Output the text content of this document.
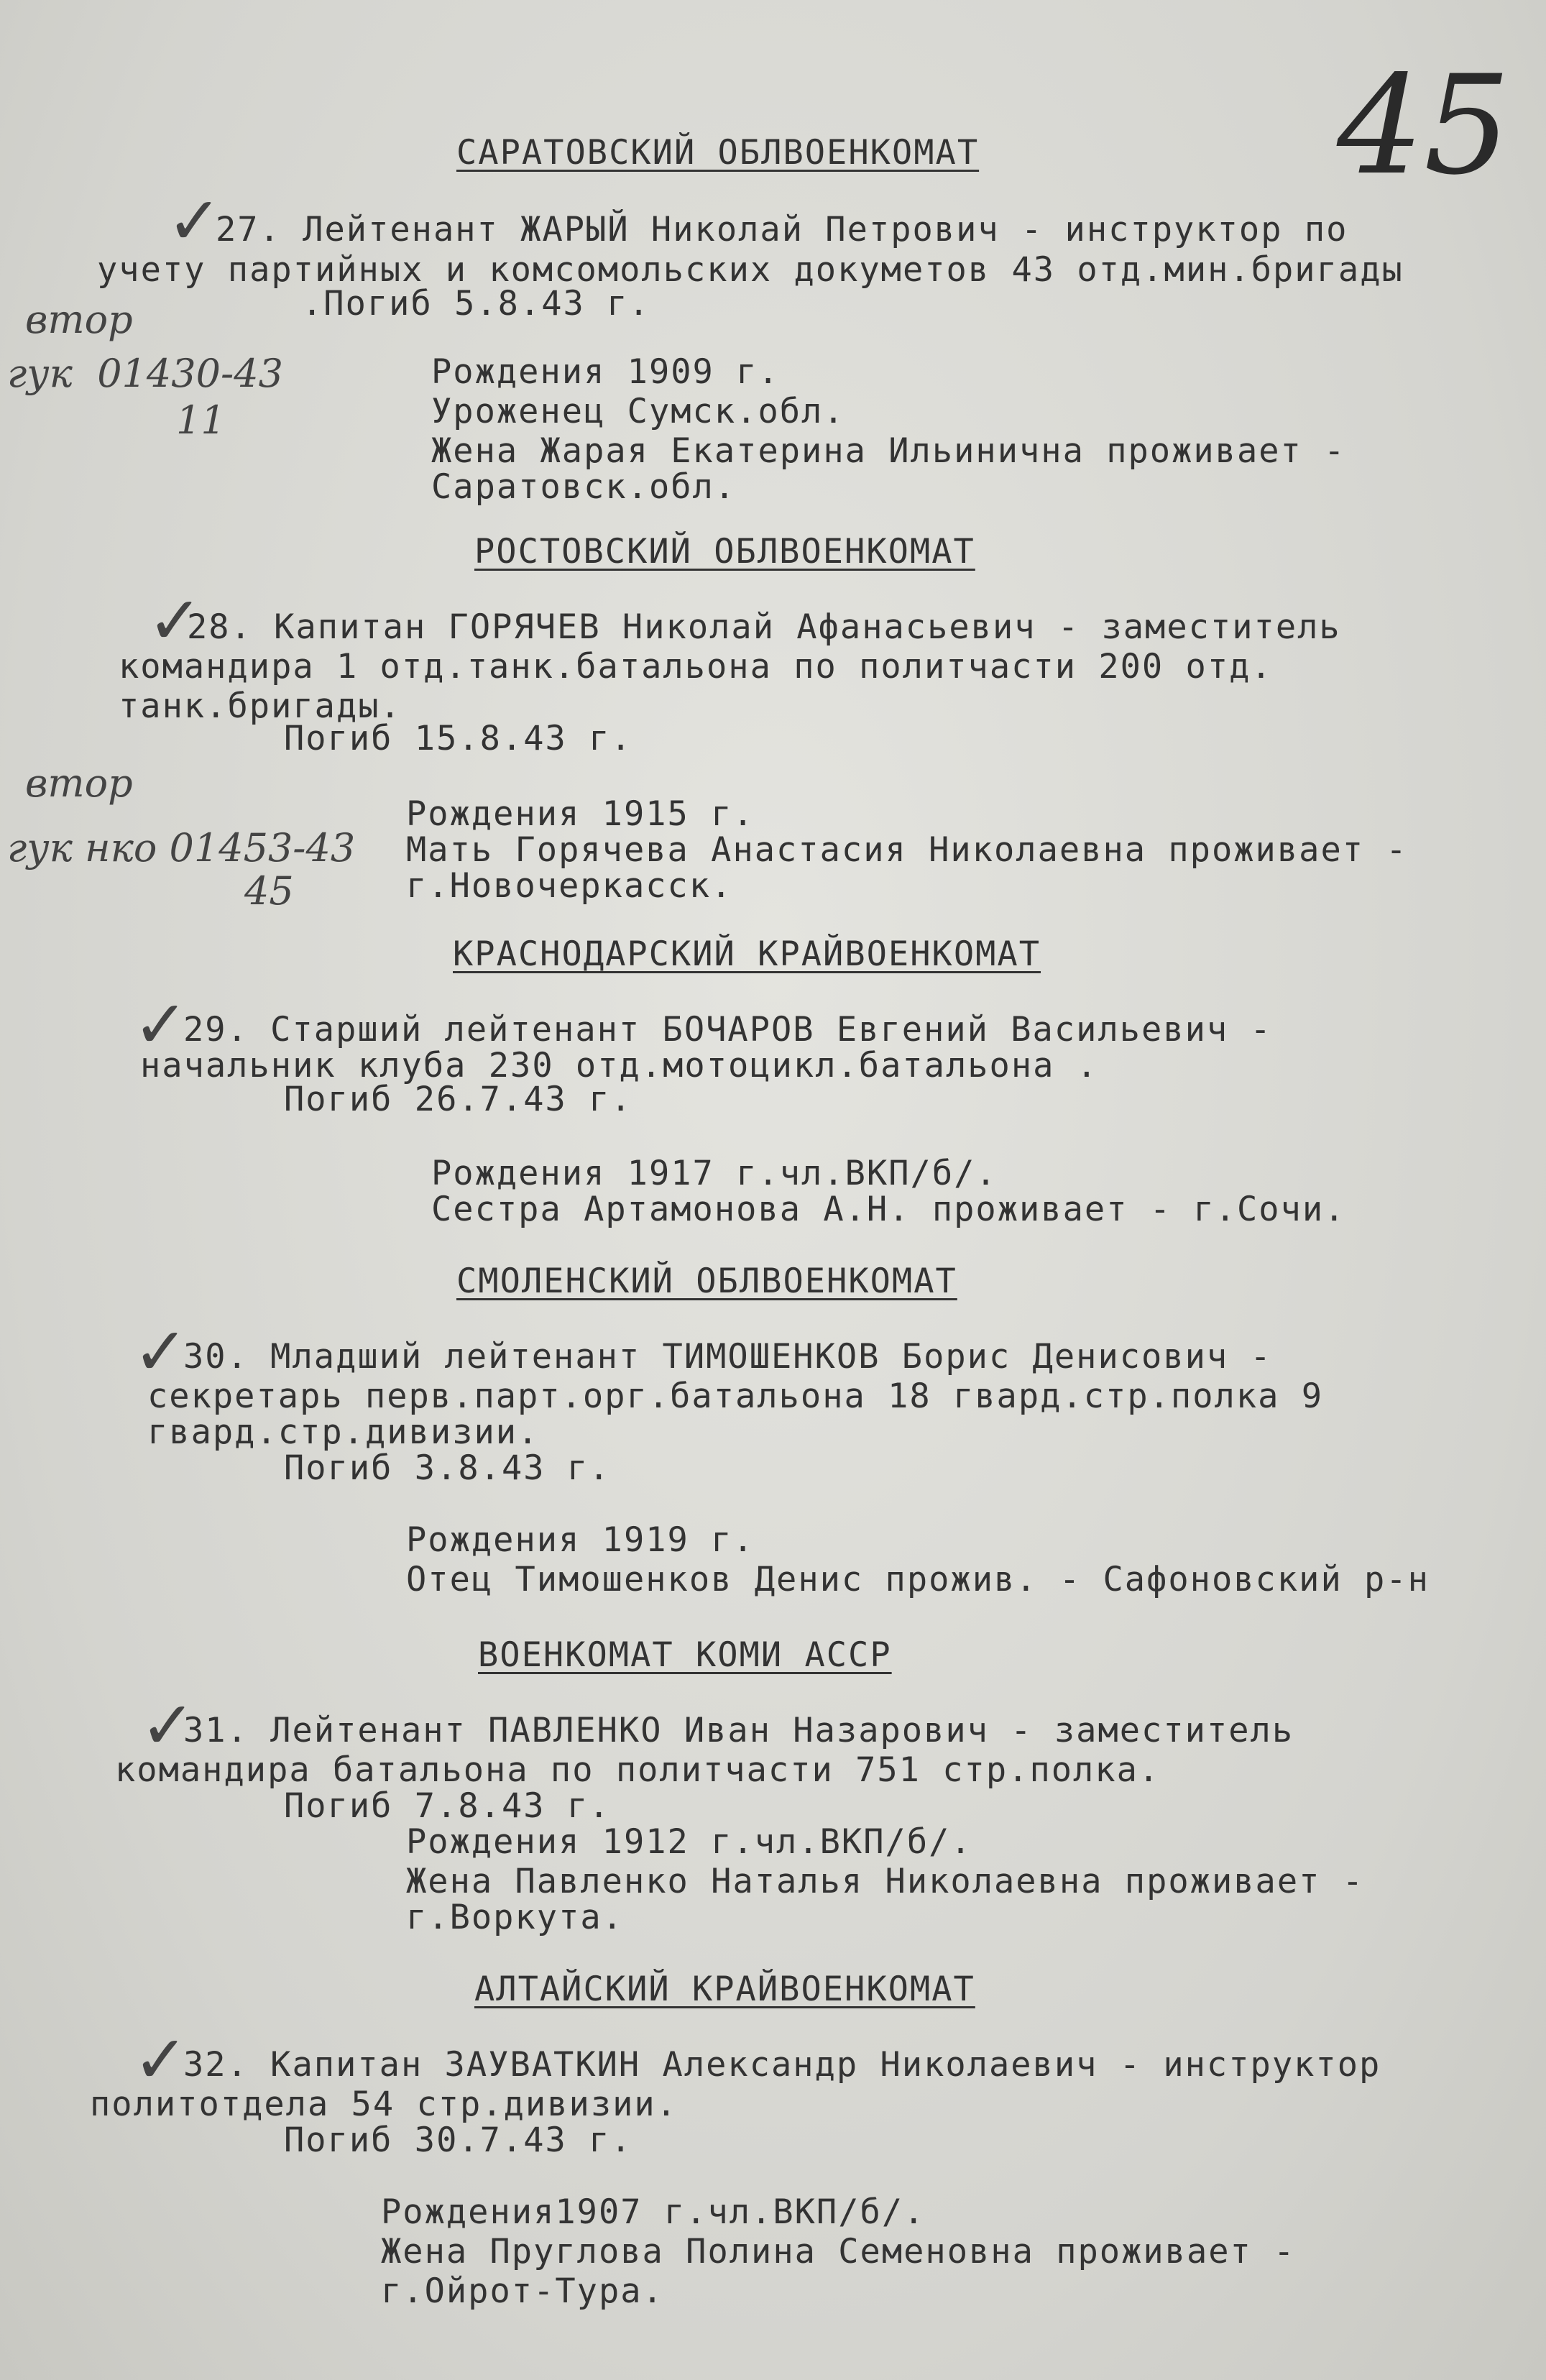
45
САРАТОВСКИЙ ОБЛВОЕНКОМАТ
✓
27. Лейтенант ЖАРЫЙ Николай Петрович - инструктор по
учету партийных и комсомольских докуметов 43 отд.мин.бригады
.Погиб 5.8.43 г.
втор
гук  01430-43
11
Рождения 1909 г.
Уроженец Сумск.обл.
Жена Жарая Екатерина Ильинична проживает -
Саратовск.обл.
РОСТОВСКИЙ ОБЛВОЕНКОМАТ
✓
28. Капитан ГОРЯЧЕВ Николай Афанасьевич - заместитель
командира 1 отд.танк.батальона по политчасти 200 отд.
танк.бригады.
Погиб 15.8.43 г.
втор
гук нко 01453-43
45
Рождения 1915 г.
Мать Горячева Анастасия Николаевна проживает -
г.Новочеркасск.
КРАСНОДАРСКИЙ КРАЙВОЕНКОМАТ
✓
29. Старший лейтенант БОЧАРОВ Евгений Васильевич -
начальник клуба 230 отд.мотоцикл.батальона .
Погиб 26.7.43 г.
Рождения 1917 г.чл.ВКП/б/.
Сестра Артамонова А.Н. проживает - г.Сочи.
СМОЛЕНСКИЙ ОБЛВОЕНКОМАТ
✓
30. Младший лейтенант ТИМОШЕНКОВ Борис Денисович -
секретарь перв.парт.орг.батальона 18 гвард.стр.полка 9
гвард.стр.дивизии.
Погиб 3.8.43 г.
Рождения 1919 г.
Отец Тимошенков Денис прожив. - Сафоновский р-н
ВОЕНКОМАТ КОМИ АССР
✓
31. Лейтенант ПАВЛЕНКО Иван Назарович - заместитель
командира батальона по политчасти 751 стр.полка.
Погиб 7.8.43 г.
Рождения 1912 г.чл.ВКП/б/.
Жена Павленко Наталья Николаевна проживает -
г.Воркута.
АЛТАЙСКИЙ КРАЙВОЕНКОМАТ
✓
32. Капитан ЗАУВАТКИН Александр Николаевич - инструктор
политотдела 54 стр.дивизии.
Погиб 30.7.43 г.
Рождения1907 г.чл.ВКП/б/.
Жена Пруглова Полина Семеновна проживает -
г.Ойрот-Тура.
